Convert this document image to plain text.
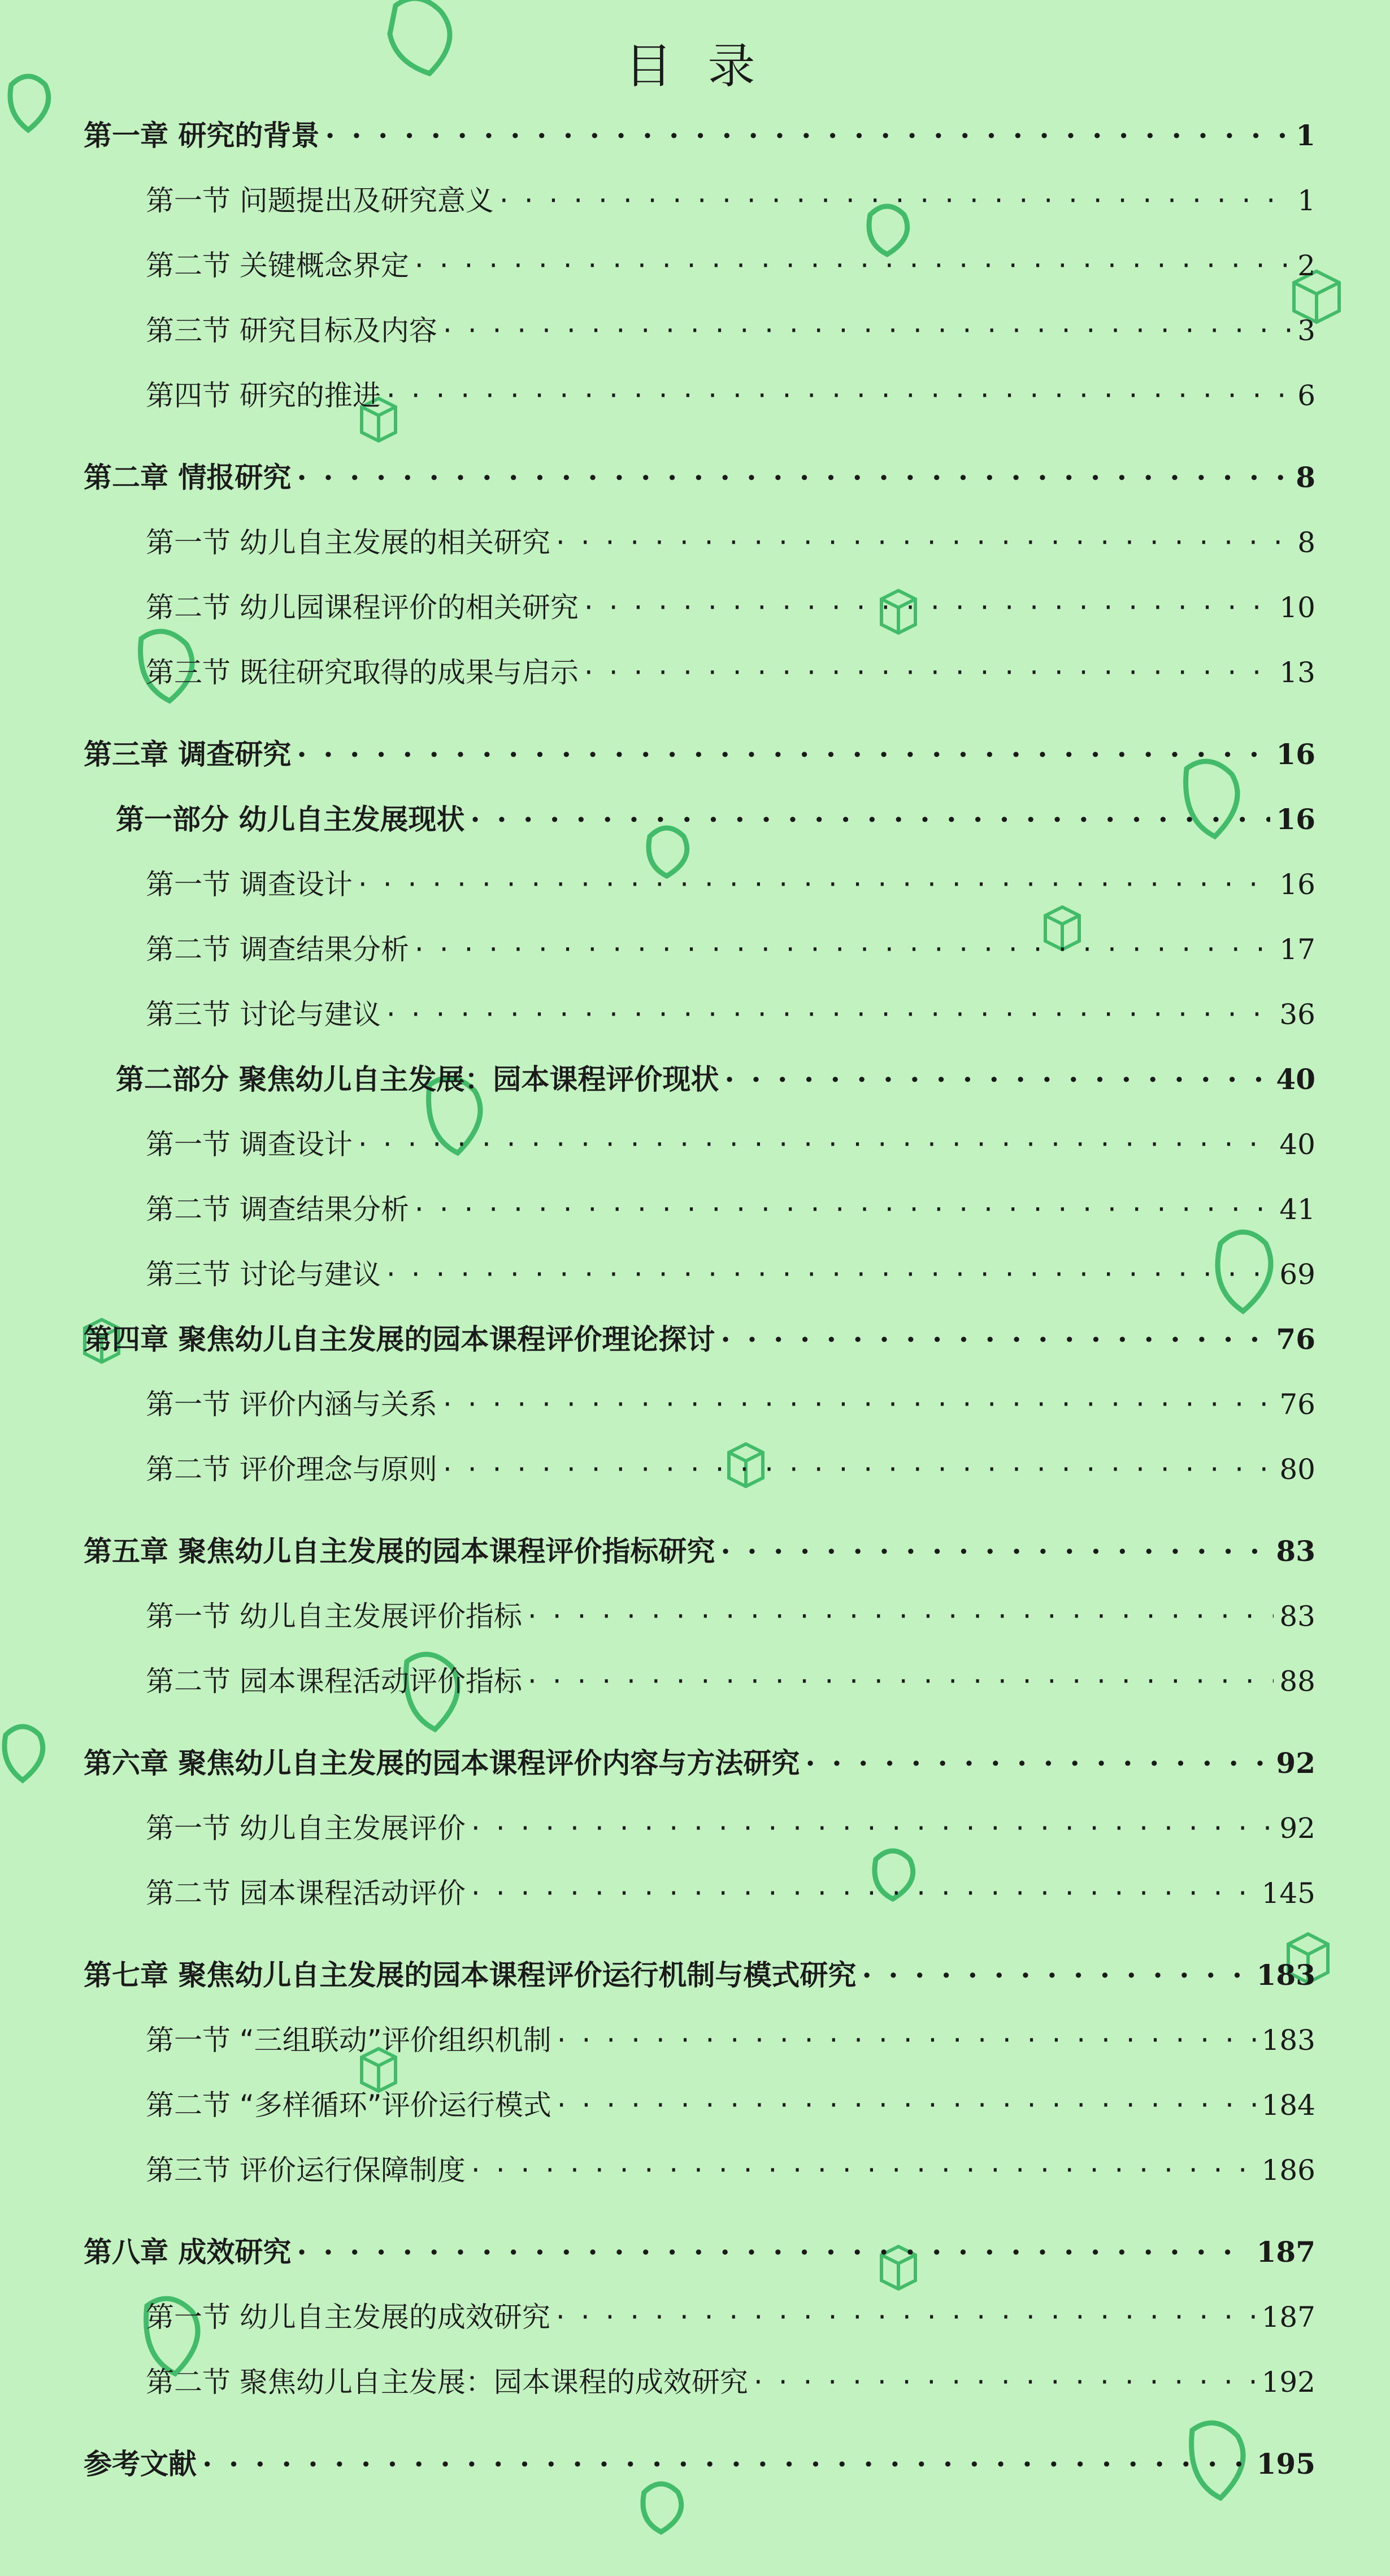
目 录
第一章 研究的背景 · · ·	1
第一节 问题提出及研究意义 · · ·	1
第二节 关键概念界定 · · ·	2
第三节 研究目标及内容 · · ·	3
第四节 研究的推进 · · ·	6
第二章 情报研究 · · ·	8
第一节 幼儿自主发展的相关研究 · · ·	8
第二节 幼儿园课程评价的相关研究 · · ·	10
第三节 既往研究取得的成果与启示 · · ·	13
第三章 调查研究 · · ·	16
第一部分 幼儿自主发展现状 · · ·	16
第一节 调查设计 · · ·	16
第二节 调查结果分析 · · ·	17
第三节 讨论与建议 · · ·	36
第二部分 聚焦幼儿自主发展：园本课程评价现状 · · ·	40
第一节 调查设计 · · ·	40
第二节 调查结果分析 · · ·	41
第三节 讨论与建议 · · ·	69
第四章 聚焦幼儿自主发展的园本课程评价理论探讨 · · ·	76
第一节 评价内涵与关系 · · ·	76
第二节 评价理念与原则 · · ·	80
第五章 聚焦幼儿自主发展的园本课程评价指标研究 · · ·	83
第一节 幼儿自主发展评价指标 · · ·	83
第二节 园本课程活动评价指标 · · ·	88
第六章 聚焦幼儿自主发展的园本课程评价内容与方法研究 · · ·	92
第一节 幼儿自主发展评价 · · ·	92
第二节 园本课程活动评价 · · ·	145
第七章 聚焦幼儿自主发展的园本课程评价运行机制与模式研究 · · ·	183
第一节 “三组联动”评价组织机制 · · ·	183
第二节 “多样循环”评价运行模式 · · ·	184
第三节 评价运行保障制度 · · ·	186
第八章 成效研究 · · ·	187
第一节 幼儿自主发展的成效研究 · · ·	187
第二节 聚焦幼儿自主发展：园本课程的成效研究 · · ·	192
参考文献 · · ·	195
